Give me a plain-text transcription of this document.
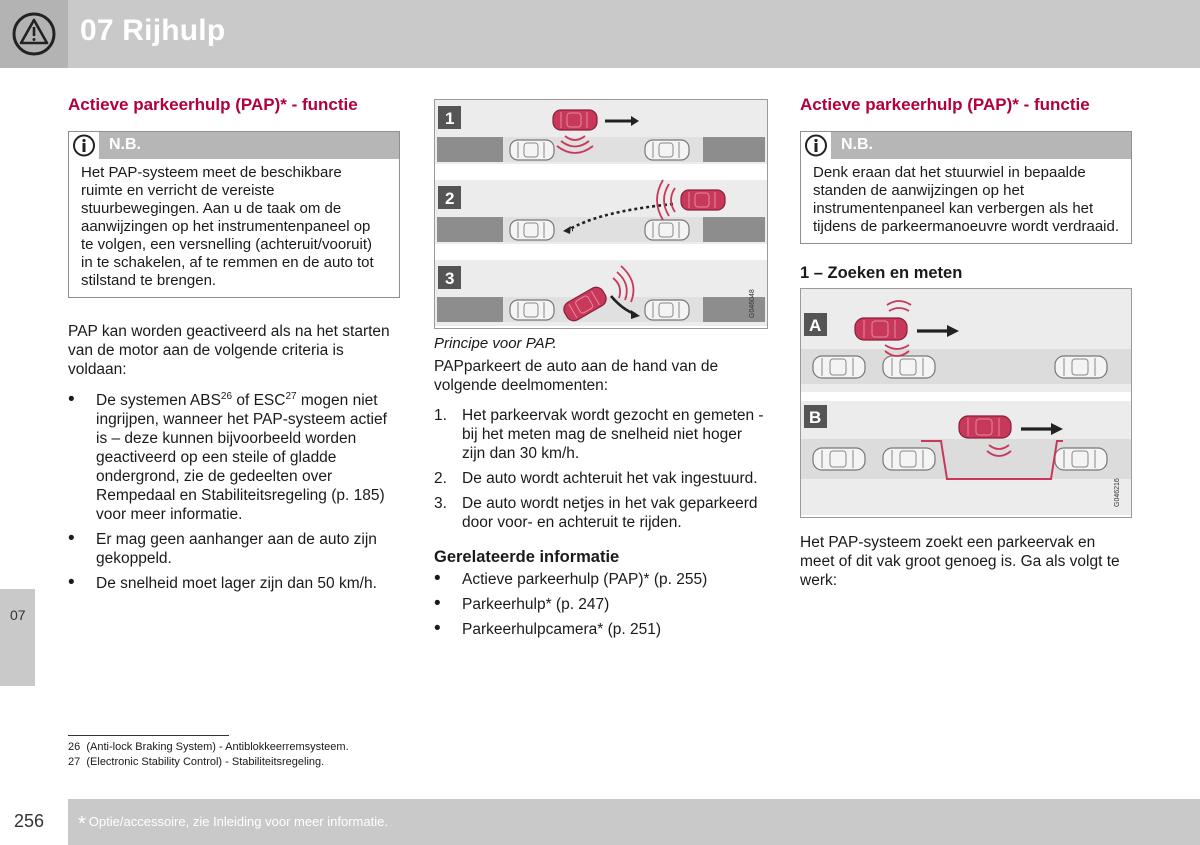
07 Rijhulp
07
Actieve parkeerhulp (PAP)* - functie
N.B.
Het PAP-systeem meet de beschikbare ruimte en verricht de vereiste stuurbewegingen. Aan u de taak om de aanwijzingen op het instrumentenpaneel op te volgen, een versnelling (achteruit/vooruit) in te schakelen, af te remmen en de auto tot stilstand te brengen.

PAP kan worden geactiveerd als na het starten van de motor aan de volgende criteria is voldaan:

• De systemen ABS$^{26}$ of ESC$^{27}$ mogen niet ingrijpen, wanneer het PAP-systeem actief is – deze kunnen bijvoorbeeld worden geactiveerd op een steile of gladde ondergrond, zie de gedeelten over Rempedaal en Stabiliteitsregeling (p. 185) voor meer informatie.
• Er mag geen aanhanger aan de auto zijn gekoppeld.
• De snelheid moet lager zijn dan 50 km/h.
1
2
3
G046048
Principe voor PAP.

PAPparkeert de auto aan de hand van de volgende deelmomenten:

1. Het parkeervak wordt gezocht en gemeten - bij het meten mag de snelheid niet hoger zijn dan 30 km/h.
2. De auto wordt achteruit het vak ingestuurd.
3. De auto wordt netjes in het vak geparkeerd door voor- en achteruit te rijden.
Gerelateerde informatie
• Actieve parkeerhulp (PAP)* (p. 255)
• Parkeerhulp* (p. 247)
• Parkeerhulpcamera* (p. 251)
Actieve parkeerhulp (PAP)* - functie
N.B.
Denk eraan dat het stuurwiel in bepaalde standen de aanwijzingen op het instrumentenpaneel kan verbergen als het tijdens de parkeermanoeuvre wordt verdraaid.
1 – Zoeken en meten
A
B
G046216

Het PAP-systeem zoekt een parkeervak en meet of dit vak groot genoeg is. Ga als volgt te werk:

26 (Anti-lock Braking System) - Antiblokkeerremsysteem.
27 (Electronic Stability Control) - Stabiliteitsregeling.
256 * Optie/accessoire, zie Inleiding voor meer informatie.
